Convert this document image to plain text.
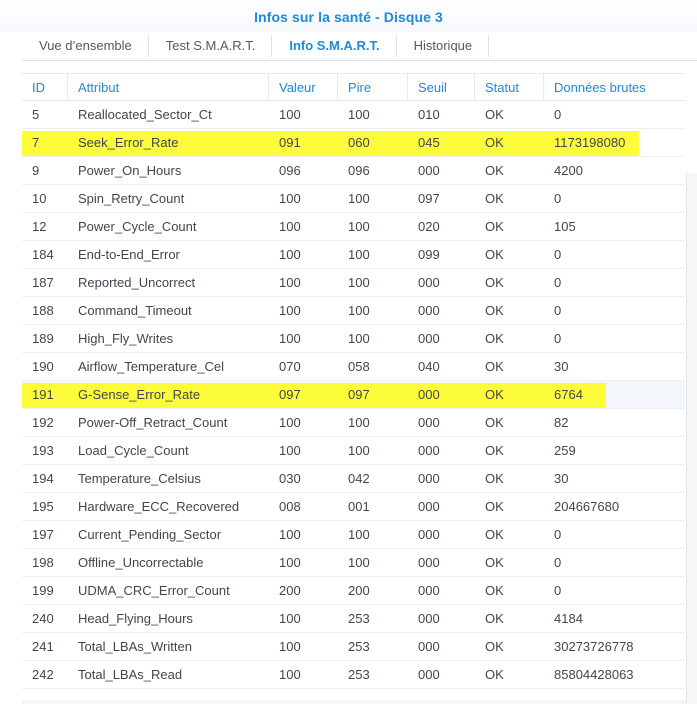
Infos sur la santé - Disque 3
Vue d’ensemble	Test S.M.A.R.T.	Info S.M.A.R.T.	Historique
ID	Attribut	Valeur	Pire	Seuil	Statut	Données brutes
5	Reallocated_Sector_Ct	100	100	010	OK	0
7	Seek_Error_Rate	091	060	045	OK	1173198080
9	Power_On_Hours	096	096	000	OK	4200
10	Spin_Retry_Count	100	100	097	OK	0
12	Power_Cycle_Count	100	100	020	OK	105
184	End-to-End_Error	100	100	099	OK	0
187	Reported_Uncorrect	100	100	000	OK	0
188	Command_Timeout	100	100	000	OK	0
189	High_Fly_Writes	100	100	000	OK	0
190	Airflow_Temperature_Cel	070	058	040	OK	30
191	G-Sense_Error_Rate	097	097	000	OK	6764
192	Power-Off_Retract_Count	100	100	000	OK	82
193	Load_Cycle_Count	100	100	000	OK	259
194	Temperature_Celsius	030	042	000	OK	30
195	Hardware_ECC_Recovered	008	001	000	OK	204667680
197	Current_Pending_Sector	100	100	000	OK	0
198	Offline_Uncorrectable	100	100	000	OK	0
199	UDMA_CRC_Error_Count	200	200	000	OK	0
240	Head_Flying_Hours	100	253	000	OK	4184
241	Total_LBAs_Written	100	253	000	OK	30273726778
242	Total_LBAs_Read	100	253	000	OK	85804428063
